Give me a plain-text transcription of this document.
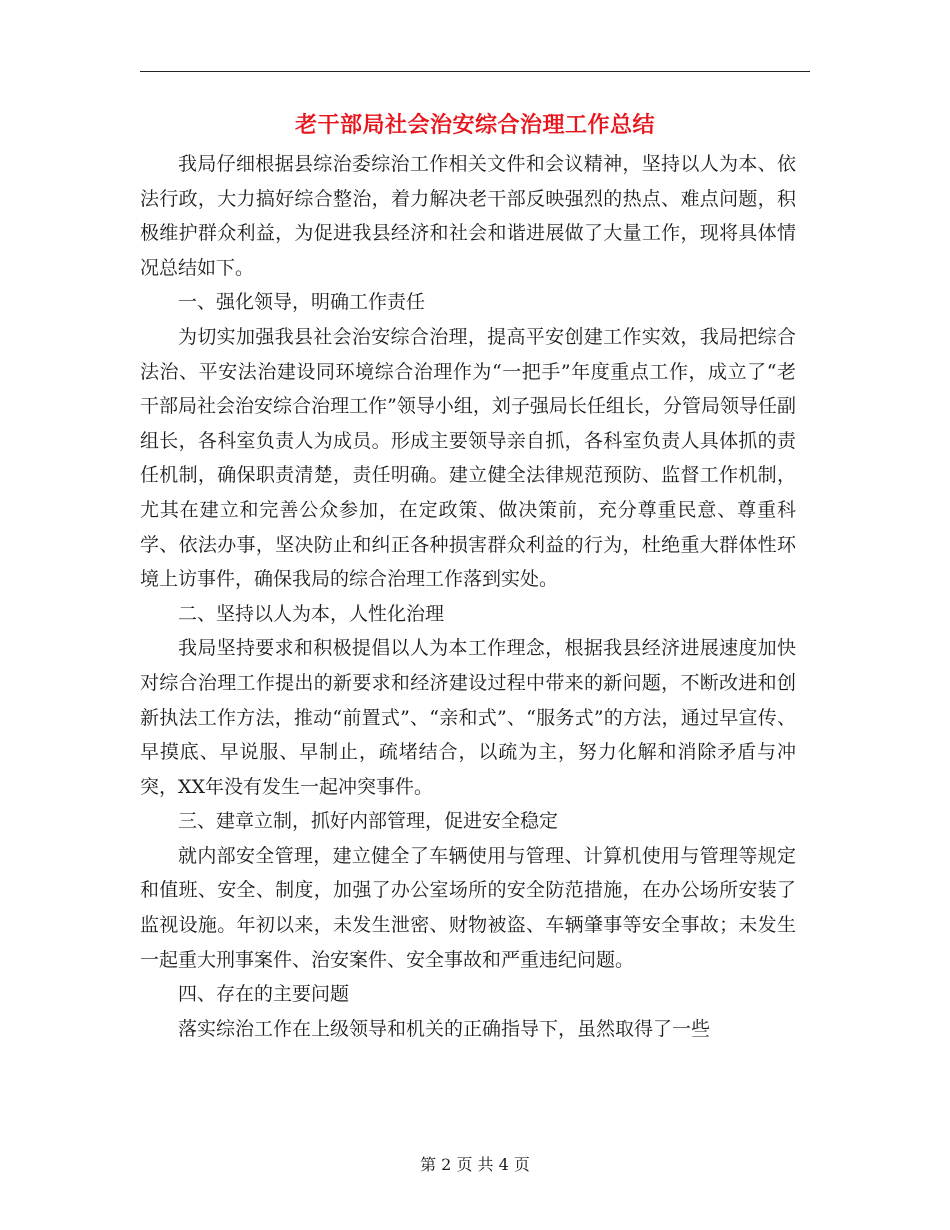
老干部局社会治安综合治理工作总结

我局仔细根据县综治委综治工作相关文件和会议精神，坚持以人为本、依法行政，大力搞好综合整治，着力解决老干部反映强烈的热点、难点问题，积极维护群众利益，为促进我县经济和社会和谐进展做了大量工作，现将具体情况总结如下。

一、强化领导，明确工作责任

为切实加强我县社会治安综合治理，提高平安创建工作实效，我局把综合法治、平安法治建设同环境综合治理作为“一把手”年度重点工作，成立了“老干部局社会治安综合治理工作”领导小组，刘子强局长任组长，分管局领导任副组长，各科室负责人为成员。形成主要领导亲自抓，各科室负责人具体抓的责任机制，确保职责清楚，责任明确。建立健全法律规范预防、监督工作机制，尤其在建立和完善公众参加，在定政策、做决策前，充分尊重民意、尊重科学、依法办事，坚决防止和纠正各种损害群众利益的行为，杜绝重大群体性环境上访事件，确保我局的综合治理工作落到实处。

二、坚持以人为本，人性化治理

我局坚持要求和积极提倡以人为本工作理念，根据我县经济进展速度加快对综合治理工作提出的新要求和经济建设过程中带来的新问题，不断改进和创新执法工作方法，推动“前置式”、“亲和式”、“服务式”的方法，通过早宣传、早摸底、早说服、早制止，疏堵结合，以疏为主，努力化解和消除矛盾与冲突，XX年没有发生一起冲突事件。

三、建章立制，抓好内部管理，促进安全稳定

就内部安全管理，建立健全了车辆使用与管理、计算机使用与管理等规定和值班、安全、制度，加强了办公室场所的安全防范措施，在办公场所安装了监视设施。年初以来，未发生泄密、财物被盗、车辆肇事等安全事故；未发生一起重大刑事案件、治安案件、安全事故和严重违纪问题。

四、存在的主要问题

落实综治工作在上级领导和机关的正确指导下，虽然取得了一些

第 2 页 共 4 页
